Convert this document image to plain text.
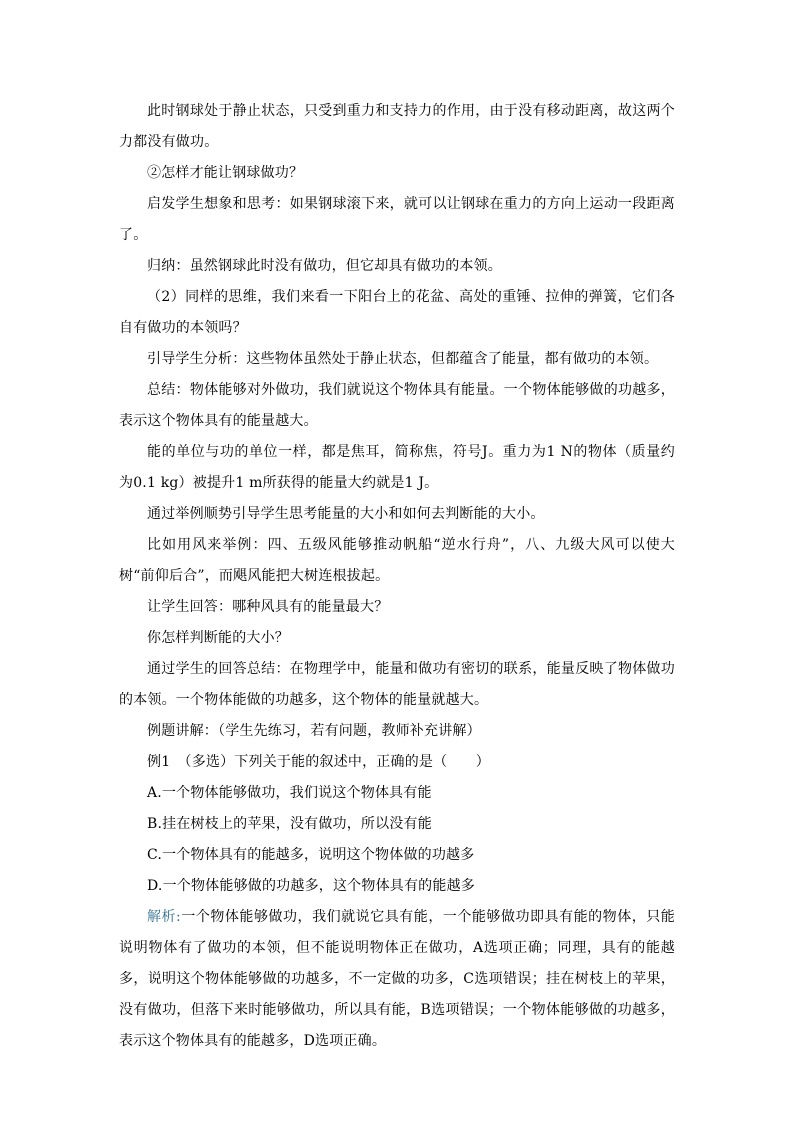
此时钢球处于静止状态，只受到重力和支持力的作用，由于没有移动距离，故这两个力都没有做功。

②怎样才能让钢球做功？

启发学生想象和思考：如果钢球滚下来，就可以让钢球在重力的方向上运动一段距离了。

归纳：虽然钢球此时没有做功，但它却具有做功的本领。

（2）同样的思维，我们来看一下阳台上的花盆、高处的重锤、拉伸的弹簧，它们各自有做功的本领吗？

引导学生分析：这些物体虽然处于静止状态，但都蕴含了能量，都有做功的本领。

总结：物体能够对外做功，我们就说这个物体具有能量。一个物体能够做的功越多，表示这个物体具有的能量越大。

能的单位与功的单位一样，都是焦耳，简称焦，符号J。重力为1 N的物体（质量约为0.1 kg）被提升1 m所获得的能量大约就是1 J。

通过举例顺势引导学生思考能量的大小和如何去判断能的大小。

比如用风来举例：四、五级风能够推动帆船“逆水行舟”，八、九级大风可以使大树“前仰后合”，而飓风能把大树连根拔起。

让学生回答：哪种风具有的能量最大？

你怎样判断能的大小？

通过学生的回答总结：在物理学中，能量和做功有密切的联系，能量反映了物体做功的本领。一个物体能做的功越多，这个物体的能量就越大。

例题讲解：（学生先练习，若有问题，教师补充讲解）

例1　（多选）下列关于能的叙述中，正确的是（　　）

A.一个物体能够做功，我们说这个物体具有能

B.挂在树枝上的苹果，没有做功，所以没有能

C.一个物体具有的能越多，说明这个物体做的功越多

D.一个物体能够做的功越多，这个物体具有的能越多

解析:一个物体能够做功，我们就说它具有能，一个能够做功即具有能的物体，只能说明物体有了做功的本领，但不能说明物体正在做功，A选项正确；同理，具有的能越多，说明这个物体能够做的功越多，不一定做的功多，C选项错误；挂在树枝上的苹果，没有做功，但落下来时能够做功，所以具有能，B选项错误；一个物体能够做的功越多，表示这个物体具有的能越多，D选项正确。
